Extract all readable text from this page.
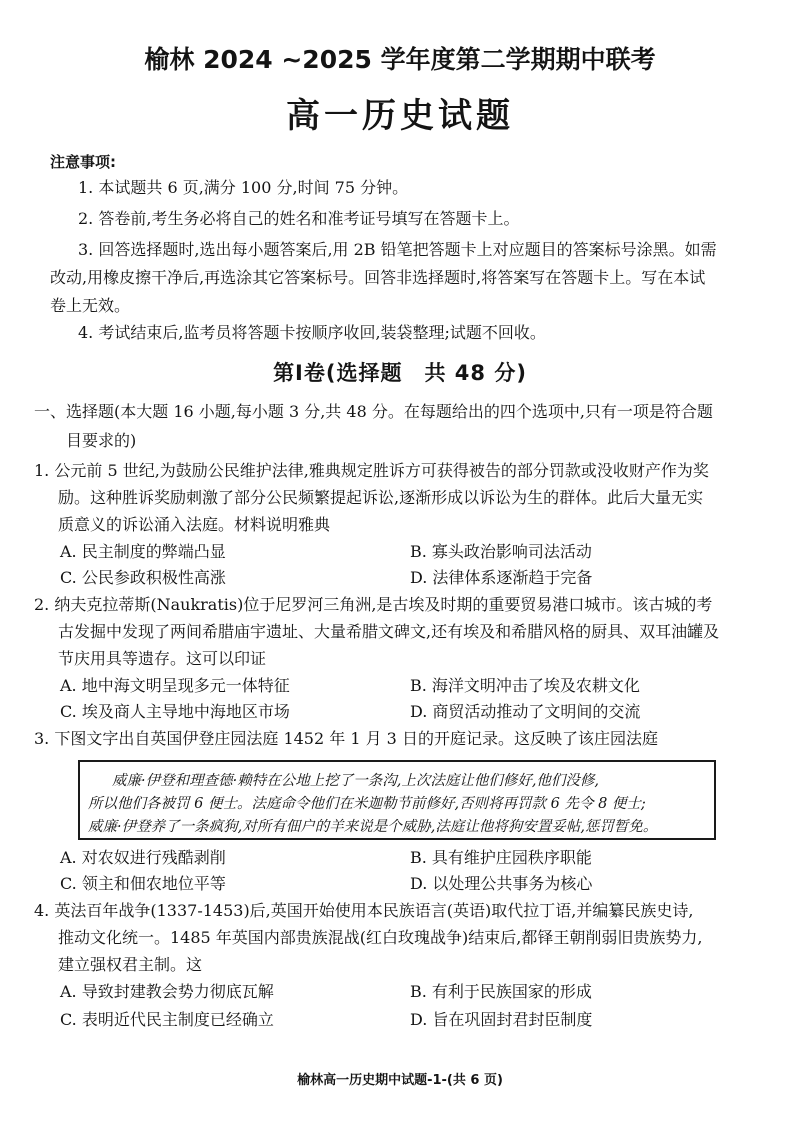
榆林 2024 ~2025 学年度第二学期期中联考
高一历史试题
注意事项:
1. 本试题共 6 页,满分 100 分,时间 75 分钟。
2. 答卷前,考生务必将自己的姓名和准考证号填写在答题卡上。
3. 回答选择题时,选出每小题答案后,用 2B 铅笔把答题卡上对应题目的答案标号涂黑。如需
改动,用橡皮擦干净后,再选涂其它答案标号。回答非选择题时,将答案写在答题卡上。写在本试
卷上无效。
4. 考试结束后,监考员将答题卡按顺序收回,装袋整理;试题不回收。
第Ⅰ卷(选择题　共 48 分)
一、选择题(本大题 16 小题,每小题 3 分,共 48 分。在每题给出的四个选项中,只有一项是符合题
目要求的)
1. 公元前 5 世纪,为鼓励公民维护法律,雅典规定胜诉方可获得被告的部分罚款或没收财产作为奖
励。这种胜诉奖励刺激了部分公民频繁提起诉讼,逐渐形成以诉讼为生的群体。此后大量无实
质意义的诉讼涌入法庭。材料说明雅典
A. 民主制度的弊端凸显	B. 寡头政治影响司法活动
C. 公民参政积极性高涨	D. 法律体系逐渐趋于完备
2. 纳夫克拉蒂斯(Naukratis)位于尼罗河三角洲,是古埃及时期的重要贸易港口城市。该古城的考
古发掘中发现了两间希腊庙宇遗址、大量希腊文碑文,还有埃及和希腊风格的厨具、双耳油罐及
节庆用具等遗存。这可以印证
A. 地中海文明呈现多元一体特征	B. 海洋文明冲击了埃及农耕文化
C. 埃及商人主导地中海地区市场	D. 商贸活动推动了文明间的交流
3. 下图文字出自英国伊登庄园法庭 1452 年 1 月 3 日的开庭记录。这反映了该庄园法庭
威廉·伊登和理查德·赖特在公地上挖了一条沟,上次法庭让他们修好,他们没修,
所以他们各被罚 6 便士。法庭命令他们在米迦勒节前修好,否则将再罚款 6 先令 8 便士;
威廉·伊登养了一条疯狗,对所有佃户的羊来说是个威胁,法庭让他将狗安置妥帖,惩罚暂免。
A. 对农奴进行残酷剥削	B. 具有维护庄园秩序职能
C. 领主和佃农地位平等	D. 以处理公共事务为核心
4. 英法百年战争(1337-1453)后,英国开始使用本民族语言(英语)取代拉丁语,并编纂民族史诗,
推动文化统一。1485 年英国内部贵族混战(红白玫瑰战争)结束后,都铎王朝削弱旧贵族势力,
建立强权君主制。这
A. 导致封建教会势力彻底瓦解	B. 有利于民族国家的形成
C. 表明近代民主制度已经确立	D. 旨在巩固封君封臣制度
榆林高一历史期中试题-1-(共 6 页)
